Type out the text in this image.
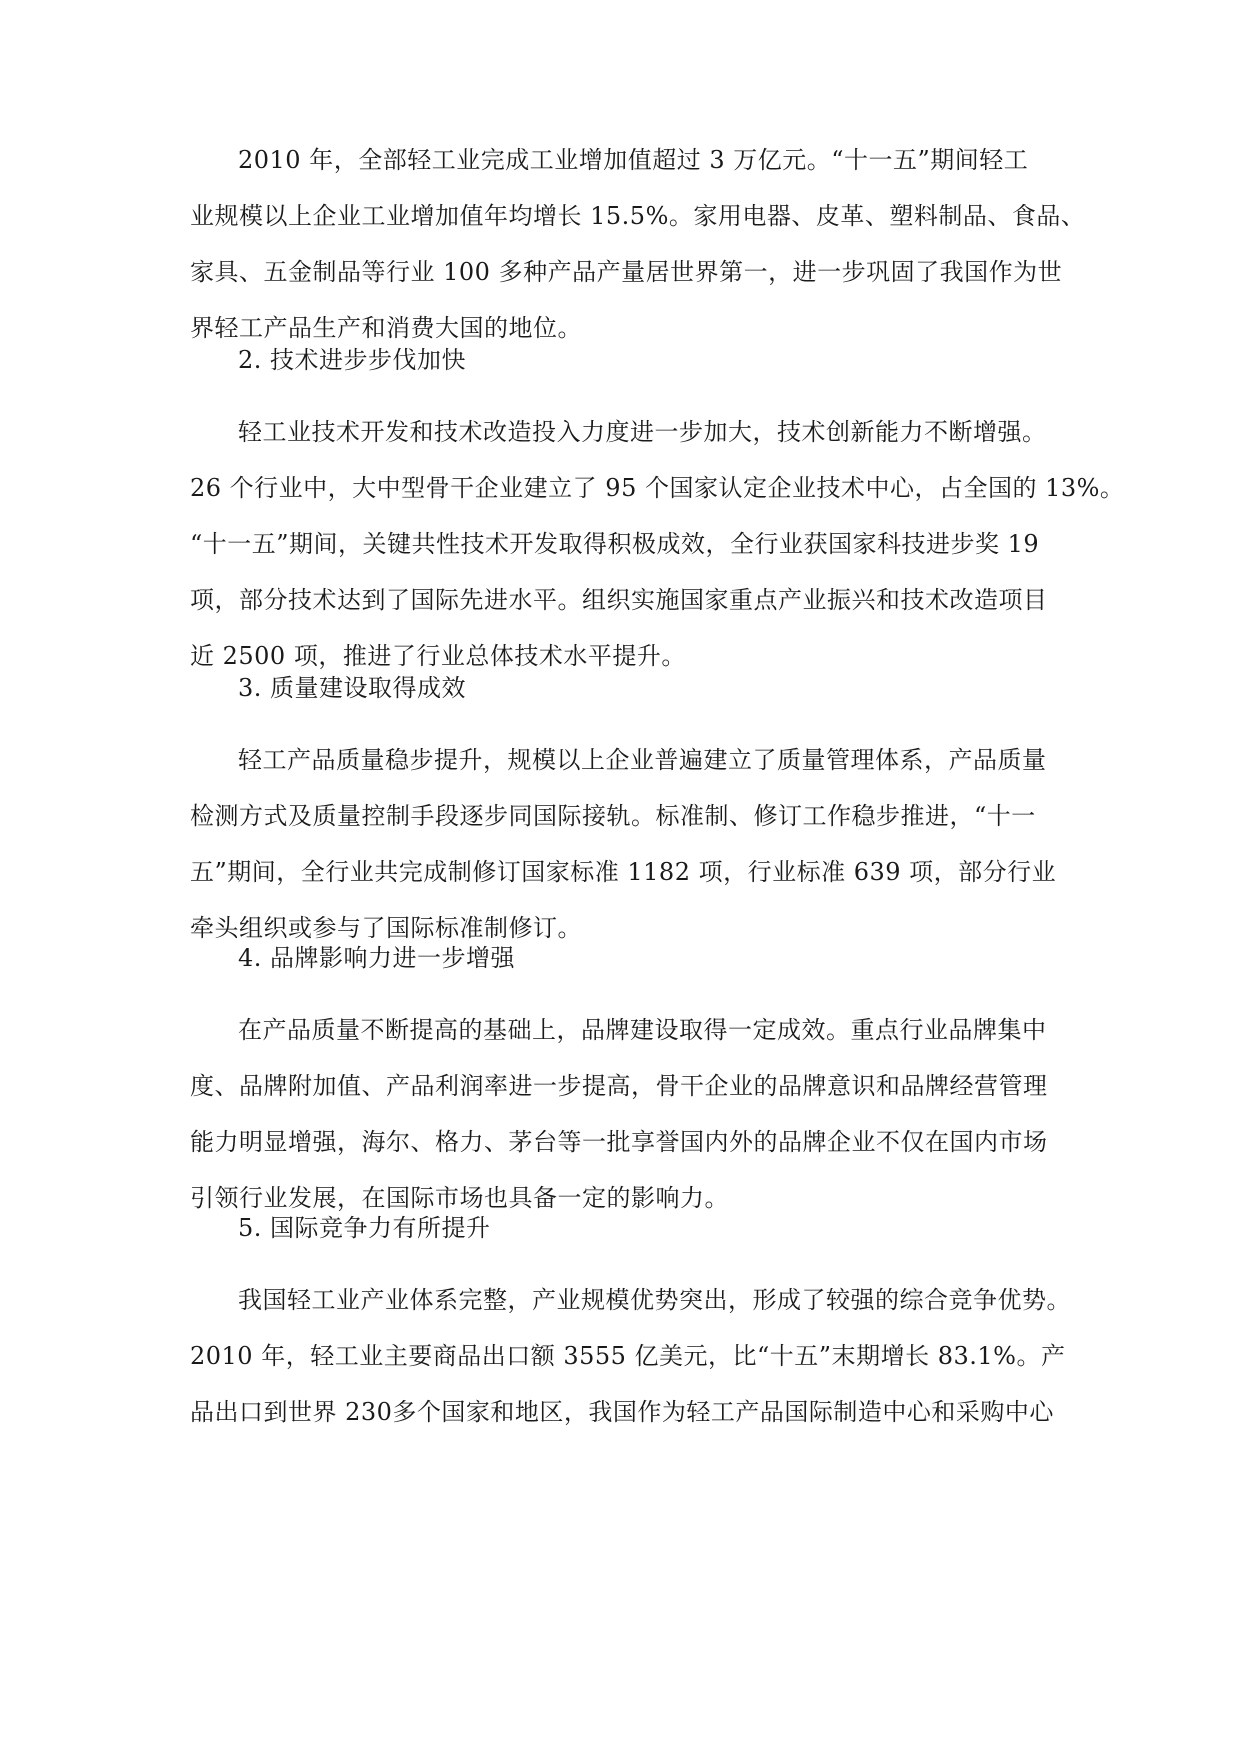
2010 年，全部轻工业完成工业增加值超过 3 万亿元。“十一五”期间轻工
业规模以上企业工业增加值年均增长 15.5%。家用电器、皮革、塑料制品、食品、
家具、五金制品等行业 100 多种产品产量居世界第一，进一步巩固了我国作为世
界轻工产品生产和消费大国的地位。
2. 技术进步步伐加快
轻工业技术开发和技术改造投入力度进一步加大，技术创新能力不断增强。
26 个行业中，大中型骨干企业建立了 95 个国家认定企业技术中心，占全国的 13%。
“十一五”期间，关键共性技术开发取得积极成效，全行业获国家科技进步奖 19
项，部分技术达到了国际先进水平。组织实施国家重点产业振兴和技术改造项目
近 2500 项，推进了行业总体技术水平提升。
3. 质量建设取得成效
轻工产品质量稳步提升，规模以上企业普遍建立了质量管理体系，产品质量
检测方式及质量控制手段逐步同国际接轨。标准制、修订工作稳步推进，“十一
五”期间，全行业共完成制修订国家标准 1182 项，行业标准 639 项，部分行业
牵头组织或参与了国际标准制修订。
4. 品牌影响力进一步增强
在产品质量不断提高的基础上，品牌建设取得一定成效。重点行业品牌集中
度、品牌附加值、产品利润率进一步提高，骨干企业的品牌意识和品牌经营管理
能力明显增强，海尔、格力、茅台等一批享誉国内外的品牌企业不仅在国内市场
引领行业发展，在国际市场也具备一定的影响力。
5. 国际竞争力有所提升
我国轻工业产业体系完整，产业规模优势突出，形成了较强的综合竞争优势。
2010 年，轻工业主要商品出口额 3555 亿美元，比“十五”末期增长 83.1%。产
品出口到世界 230多个国家和地区，我国作为轻工产品国际制造中心和采购中心
